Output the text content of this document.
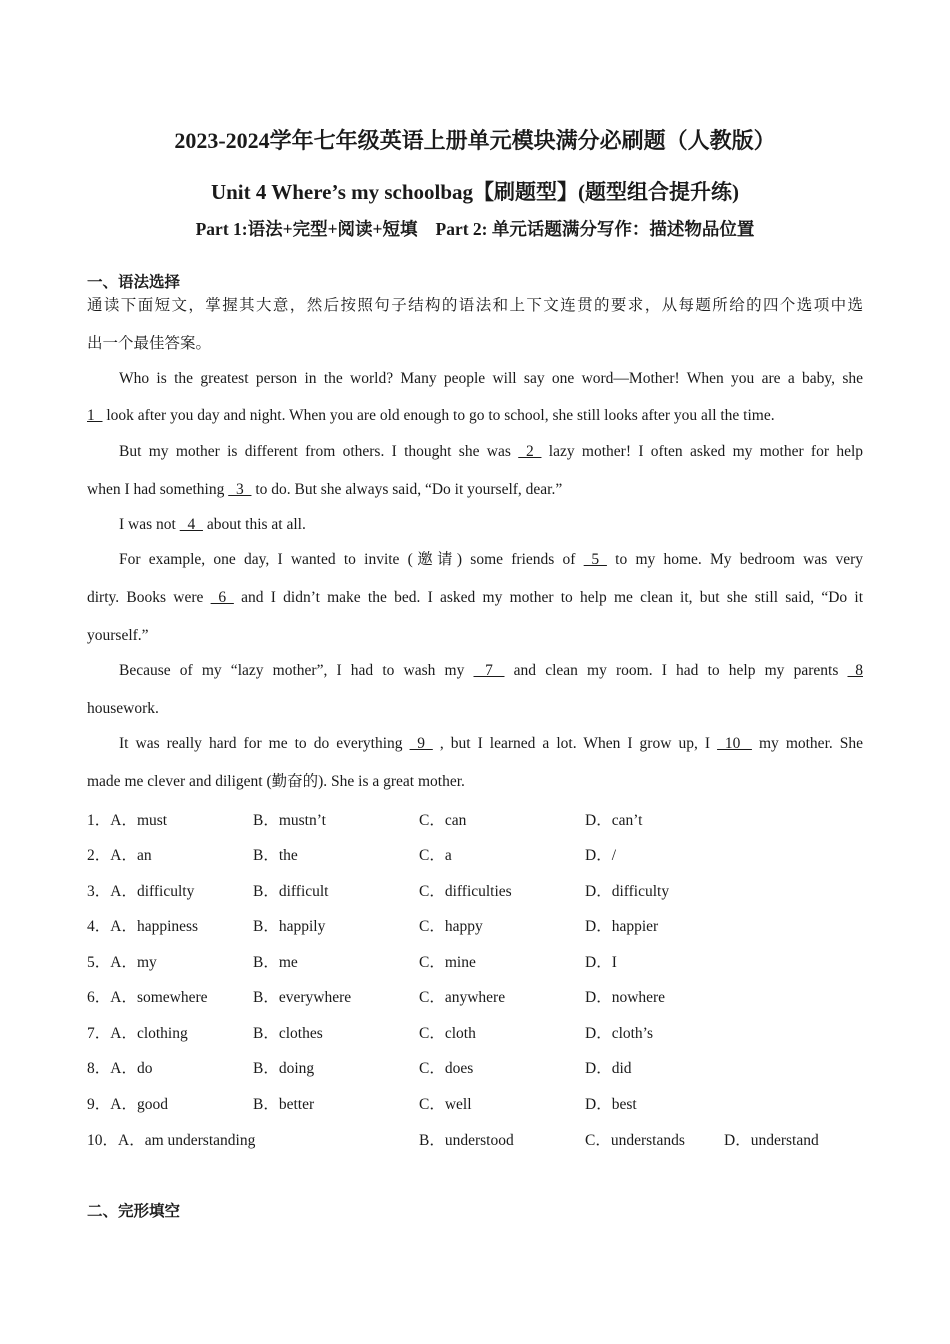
2023-2024学年七年级英语上册单元模块满分必刷题（人教版）
Unit 4 Where’s my schoolbag【刷题型】(题型组合提升练)
Part 1:语法+完型+阅读+短填 Part 2: 单元话题满分写作：描述物品位置
一、语法选择
通读下面短文，掌握其大意，然后按照句子结构的语法和上下文连贯的要求，从每题所给的四个选项中选
出一个最佳答案。
Who is the greatest person in the world? Many people will say one word—Mother! When you are a baby, she
1   look after you day and night. When you are old enough to go to school, she still looks after you all the time.
But my mother is different from others. I thought she was   2   lazy mother! I often asked my mother for help
when I had something   3   to do. But she always said, “Do it yourself, dear.”
I was not   4   about this at all.
For example, one day, I wanted to invite (邀请) some friends of   5   to my home. My bedroom was very
dirty. Books were   6   and I didn’t make the bed. I asked my mother to help me clean it, but she still said, “Do it
yourself.”
Because of my “lazy mother”, I had to wash my    7    and clean my room. I had to help my parents   8
housework.
It was really hard for me to do everything   9   , but I learned a lot. When I grow up, I   10    my mother. She
made me clever and diligent (勤奋的). She is a great mother.
1．A．must	B．mustn’t	C．can	D．can’t
2．A．an	B．the	C．a	D．/
3．A．difficulty	B．difficult	C．difficulties	D．difficulty
4．A．happiness	B．happily	C．happy	D．happier
5．A．my	B．me	C．mine	D．I
6．A．somewhere	B．everywhere	C．anywhere	D．nowhere
7．A．clothing	B．clothes	C．cloth	D．cloth’s
8．A．do	B．doing	C．does	D．did
9．A．good	B．better	C．well	D．best
10．A．am understanding	B．understood	C．understands	D．understand
二、完形填空
